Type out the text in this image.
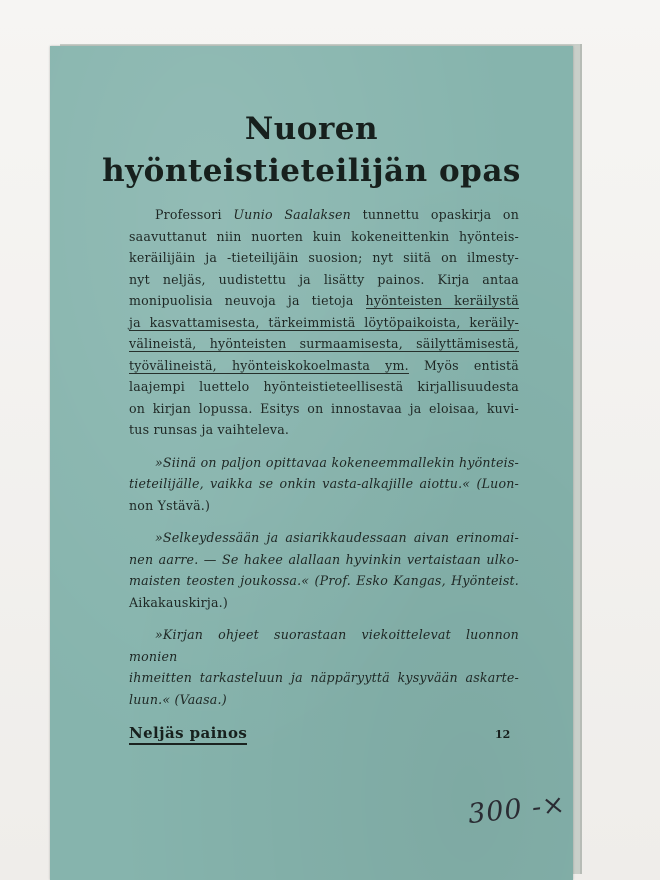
Nuoren
hyönteistieteilijän opas
Professori Uunio Saalaksen tunnettu opaskirja on
saavuttanut niin nuorten kuin kokeneittenkin hyönteis-
keräilijäin ja -tieteilijäin suosion; nyt siitä on ilmesty-
nyt neljäs, uudistettu ja lisätty painos. Kirja antaa
monipuolisia neuvoja ja tietoja hyönteisten keräilystä
ja kasvattamisesta, tärkeimmistä löytöpaikoista, keräily-
välineistä, hyönteisten surmaamisesta, säilyttämisestä,
työvälineistä, hyönteiskokoelmasta ym. Myös entistä
laajempi luettelo hyönteistieteellisestä kirjallisuudesta
on kirjan lopussa. Esitys on innostavaa ja eloisaa, kuvi-
tus runsas ja vaihteleva.
»Siinä on paljon opittavaa kokeneemmallekin hyönteis-
tieteilijälle, vaikka se onkin vasta-alkajille aiottu.« (Luon-
non Ystävä.)
»Selkeydessään ja asiarikkaudessaan aivan erinomai-
nen aarre. — Se hakee alallaan hyvinkin vertaistaan ulko-
maisten teosten joukossa.« (Prof. Esko Kangas, Hyönteist.
Aikakauskirja.)
»Kirjan ohjeet suorastaan viekoittelevat luonnon monien
ihmeitten tarkasteluun ja näppäryyttä kysyvään askarte-
luun.« (Vaasa.)
Neljäs painos	12
300 -×
